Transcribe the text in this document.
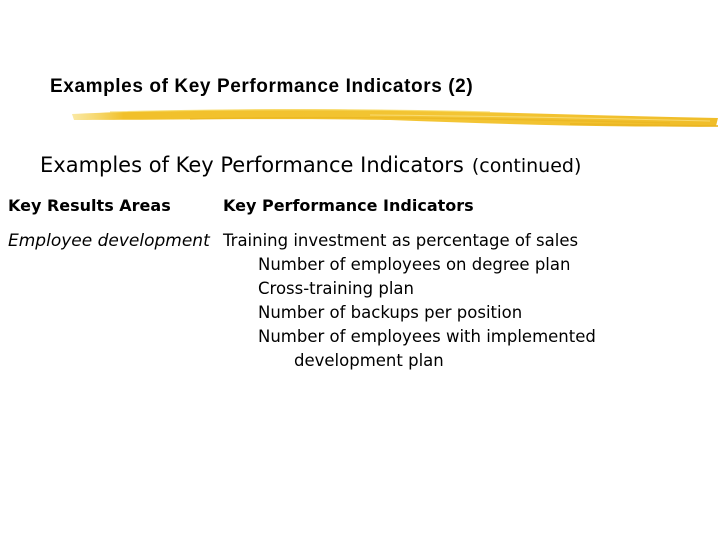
Examples of Key Performance Indicators (2)
Examples of Key Performance Indicators (continued)
Key Results Areas	Key Performance Indicators
Employee development Training investment as percentage of sales
Number of employees on degree plan
Cross-training plan
Number of backups per position
Number of employees with implemented
development plan
